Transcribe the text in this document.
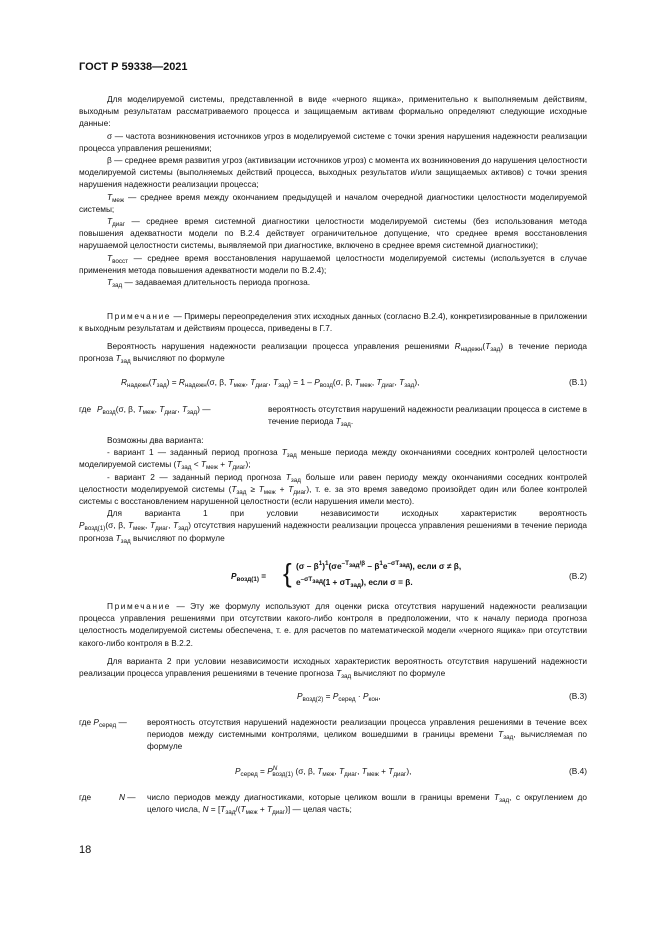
ГОСТ Р 59338—2021

Для моделируемой системы, представленной в виде «черного ящика», применительно к выполняемым действиям, выходным результатам рассматриваемого процесса и защищаемым активам формально определяют следующие исходные данные:

σ — частота возникновения источников угроз в моделируемой системе с точки зрения нарушения надежности реализации процесса управления решениями;

β — среднее время развития угроз (активизации источников угроз) с момента их возникновения до нарушения целостности моделируемой системы (выполняемых действий процесса, выходных результатов и/или защищаемых активов) с точки зрения нарушения надежности реализации процесса;

$T_{меж}$ — среднее время между окончанием предыдущей и началом очередной диагностики целостности моделируемой системы;

$T_{диаг}$ — среднее время системной диагностики целостности моделируемой системы (без использования метода повышения адекватности модели по В.2.4 действует ограничительное допущение, что среднее время восстановления нарушаемой целостности системы, выявляемой при диагностике, включено в среднее время системной диагностики);

$T_{восст}$ — среднее время восстановления нарушаемой целостности моделируемой системы (используется в случае применения метода повышения адекватности модели по В.2.4);

$T_{зад}$ — задаваемая длительность периода прогноза.

Примечание — Примеры переопределения этих исходных данных (согласно В.2.4), конкретизированные в приложении к выходным результатам и действиям процесса, приведены в Г.7.

Вероятность нарушения надежности реализации процесса управления решениями $R_{надежн}(T_{зад})$ в течение периода прогноза $T_{зад}$ вычисляют по формуле

$R_{надежн}(T_{зад}) = R_{надежн}(\sigma$, β, $T_{меж}$, $T_{диаг}$, $T_{зад}) = 1 - P_{возд}(\sigma$, β, $T_{меж}$, $T_{диаг}$, $T_{зад}$),	(В.1)
где $P_{возд}(\sigma$, β, $T_{меж}$, $T_{диаг}$, $T_{зад}$) —	вероятность отсутствия нарушений надежности реализации процесса в системе в течение периода $T_{зад}$.

Возможны два варианта:

- вариант 1 — заданный период прогноза $T_{зад}$ меньше периода между окончаниями соседних контролей целостности моделируемой системы $(T_{зад} < T_{меж} + T_{диаг})$;

- вариант 2 — заданный период прогноза $T_{зад}$ больше или равен периоду между окончаниями соседних контролей целостности моделируемой системы $(T_{зад} \ge T_{меж} + T_{диаг})$, т. е. за это время заведомо произойдет один или более контролей системы с восстановлением нарушенной целостности (если нарушения имели место).

Для варианта 1 при условии независимости исходных характеристик вероятность

$P_{возд(1)}(\sigma$, β, $T_{меж}$, $T_{диаг}$, $T_{зад}$) отсутствия нарушений надежности реализации процесса управления решениями в течение периода прогноза $T_{зад}$ вычисляют по формуле

$P_{возд(1)}$ = { $(\sigma - \beta^1)^1(\sigma e^{-T_{зад}/\beta} - \beta^1e^{-\sigma T_{зад}})$, если σ ≠ β,
$e^{-\sigma T_{зад}}(1 + \sigma T_{зад})$, если σ = β.
(В.2)

Примечание — Эту же формулу используют для оценки риска отсутствия нарушений надежности реализации процесса управления решениями при отсутствии какого-либо контроля в предположении, что к началу периода прогноза целостность моделируемой системы обеспечена, т. е. для расчетов по математической модели «черного ящика» при отсутствии какого-либо контроля в В.2.2.

Для варианта 2 при условии независимости исходных характеристик вероятность отсутствия нарушений надежности реализации процесса управления решениями в течение прогноза $T_{зад}$ вычисляют по формуле

$P_{возд(2)} = P_{серед} \cdot P_{кон}$,	(В.3)
где $P_{серед}$ — вероятность отсутствия нарушений надежности реализации процесса управления решениями в течение всех периодов между системными контролями, целиком вошедшими в границы времени $T_{зад}$, вычисляемая по формуле
$P_{серед} = P^N_{возд(1)}$ (σ, β, $T_{меж}$, $T_{диаг}$, $T_{меж} + T_{диаг}$),	(В.4)
где	N — число периодов между диагностиками, которые целиком вошли в границы времени $T_{зад}$, с округлением до целого числа, $N = [T_{зад}/(T_{меж} + T_{диаг})]$ — целая часть;
18
